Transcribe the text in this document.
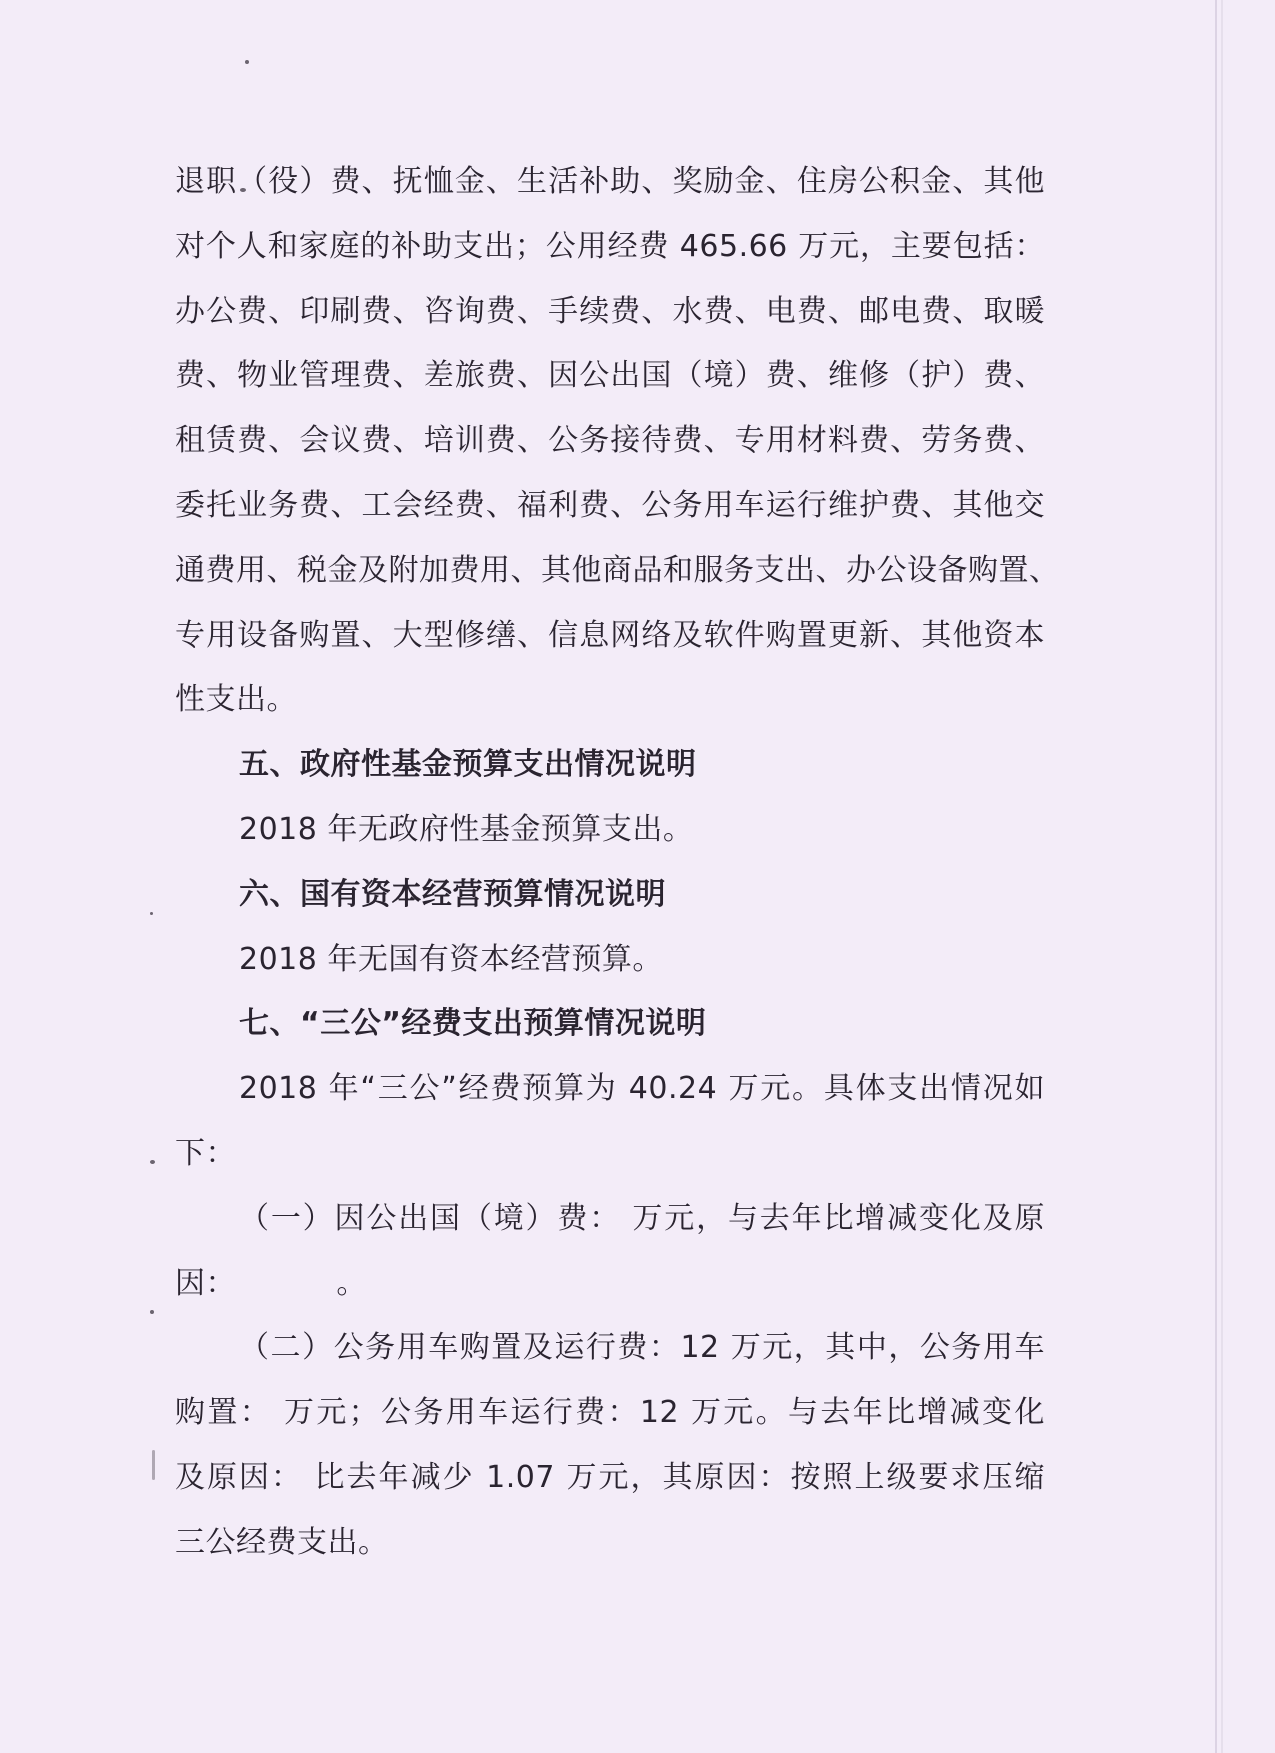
退职（役）费、抚恤金、生活补助、奖励金、住房公积金、其他
对个人和家庭的补助支出；公用经费 465.66 万元，主要包括：
办公费、印刷费、咨询费、手续费、水费、电费、邮电费、取暖
费、物业管理费、差旅费、因公出国（境）费、维修（护）费、
租赁费、会议费、培训费、公务接待费、专用材料费、劳务费、
委托业务费、工会经费、福利费、公务用车运行维护费、其他交
通费用、税金及附加费用、其他商品和服务支出、办公设备购置、
专用设备购置、大型修缮、信息网络及软件购置更新、其他资本
性支出。
五、政府性基金预算支出情况说明
2018 年无政府性基金预算支出。
六、国有资本经营预算情况说明
2018 年无国有资本经营预算。
七、“三公”经费支出预算情况说明
2018 年“三公”经费预算为 40.24 万元。具体支出情况如
下：
（一）因公出国（境）费： 万元，与去年比增减变化及原
因：          。
（二）公务用车购置及运行费：12 万元，其中，公务用车
购置： 万元；公务用车运行费：12 万元。与去年比增减变化
及原因： 比去年减少 1.07 万元，其原因：按照上级要求压缩
三公经费支出。
